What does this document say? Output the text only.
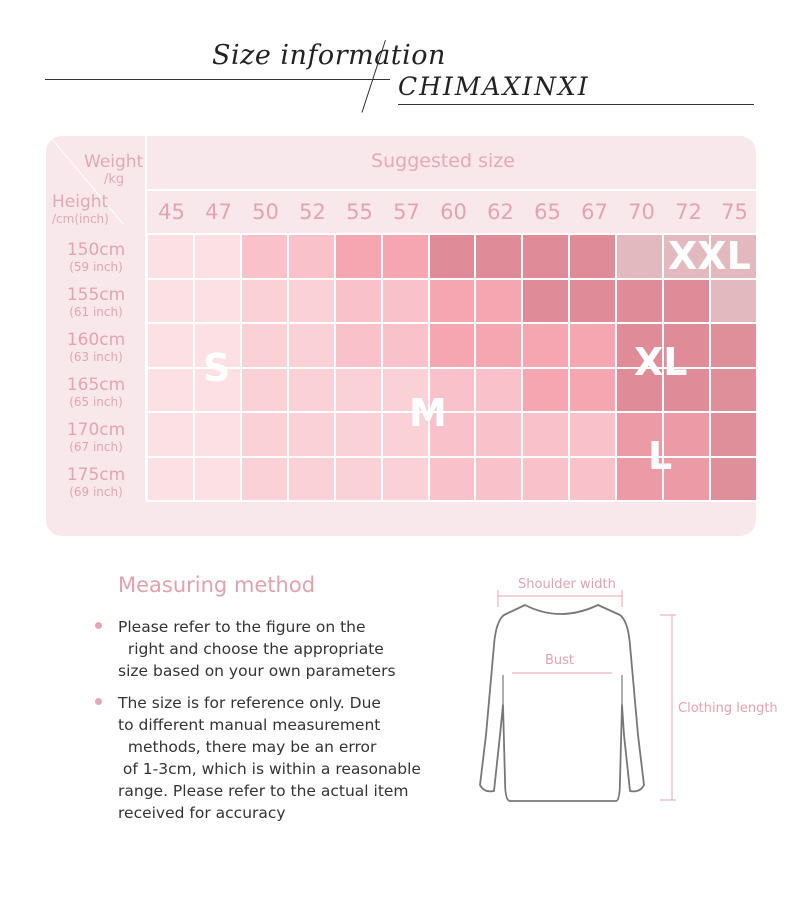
Size information
CHIMAXINXI
Weight
/kg
Height
/cm(inch)
Suggested size
45 47 50 52 55 57 60 62 65 67 70 72 75
150cm
(59 inch)
155cm
(61 inch)
160cm
(63 inch)
165cm
(65 inch)
170cm
(67 inch)
175cm
(69 inch)
S
M
L
XL
XXL
Measuring method
Please refer to the figure on the
right and choose the appropriate
size based on your own parameters
The size is for reference only. Due
to different manual measurement
methods, there may be an error
of 1-3cm, which is within a reasonable
range. Please refer to the actual item
received for accuracy
Shoulder width
Bust
Clothing length
